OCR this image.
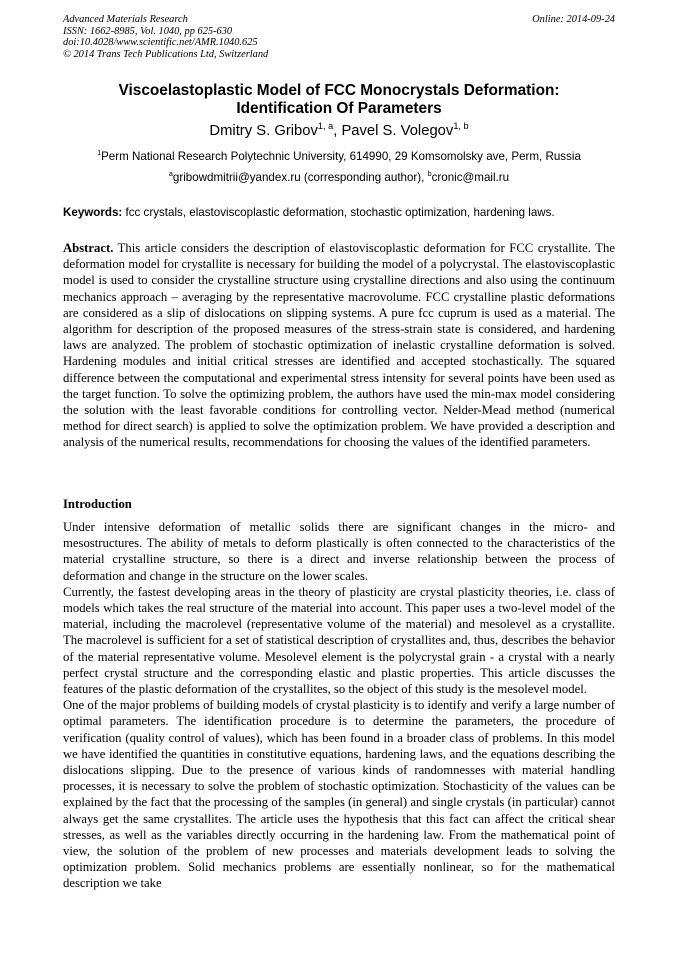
Advanced Materials Research
ISSN: 1662-8985, Vol. 1040, pp 625-630
doi:10.4028/www.scientific.net/AMR.1040.625
© 2014 Trans Tech Publications Ltd, Switzerland
Online: 2014-09-24
Viscoelastoplastic Model of FCC Monocrystals Deformation:
Identification Of Parameters
Dmitry S. Gribov$^{1, a}$, Pavel S. Volegov$^{1, b}$
$^1$Perm National Research Polytechnic University, 614990, 29 Komsomolsky ave, Perm, Russia
$^a$gribowdmitrii@yandex.ru (corresponding author), $^b$cronic@mail.ru
Keywords: fcc crystals, elastoviscoplastic deformation, stochastic optimization, hardening laws.
Abstract. This article considers the description of elastoviscoplastic deformation for FCC crystallite. The deformation model for crystallite is necessary for building the model of a polycrystal. The elastoviscoplastic model is used to consider the crystalline structure using crystalline directions and also using the continuum mechanics approach – averaging by the representative macrovolume. FCC crystalline plastic deformations are considered as a slip of dislocations on slipping systems. A pure fcc cuprum is used as a material. The algorithm for description of the proposed measures of the stress-strain state is considered, and hardening laws are analyzed. The problem of stochastic optimization of inelastic crystalline deformation is solved. Hardening modules and initial critical stresses are identified and accepted stochastically. The squared difference between the computational and experimental stress intensity for several points have been used as the target function. To solve the optimizing problem, the authors have used the min-max model considering the solution with the least favorable conditions for controlling vector. Nelder-Mead method (numerical method for direct search) is applied to solve the optimization problem. We have provided a description and analysis of the numerical results, recommendations for choosing the values of the identified parameters.
Introduction

Under intensive deformation of metallic solids there are significant changes in the micro- and mesostructures. The ability of metals to deform plastically is often connected to the characteristics of the material crystalline structure, so there is a direct and inverse relationship between the process of deformation and change in the structure on the lower scales.

Currently, the fastest developing areas in the theory of plasticity are crystal plasticity theories, i.e. class of models which takes the real structure of the material into account. This paper uses a two-level model of the material, including the macrolevel (representative volume of the material) and mesolevel as a crystallite. The macrolevel is sufficient for a set of statistical description of crystallites and, thus, describes the behavior of the material representative volume. Mesolevel element is the polycrystal grain - a crystal with a nearly perfect crystal structure and the corresponding elastic and plastic properties. This article discusses the features of the plastic deformation of the crystallites, so the object of this study is the mesolevel model.

One of the major problems of building models of crystal plasticity is to identify and verify a large number of optimal parameters. The identification procedure is to determine the parameters, the procedure of verification (quality control of values), which has been found in a broader class of problems. In this model we have identified the quantities in constitutive equations, hardening laws, and the equations describing the dislocations slipping. Due to the presence of various kinds of randomnesses with material handling processes, it is necessary to solve the problem of stochastic optimization. Stochasticity of the values can be explained by the fact that the processing of the samples (in general) and single crystals (in particular) cannot always get the same crystallites. The article uses the hypothesis that this fact can affect the critical shear stresses, as well as the variables directly occurring in the hardening law. From the mathematical point of view, the solution of the problem of new processes and materials development leads to solving the optimization problem. Solid mechanics problems are essentially nonlinear, so for the mathematical description we take
